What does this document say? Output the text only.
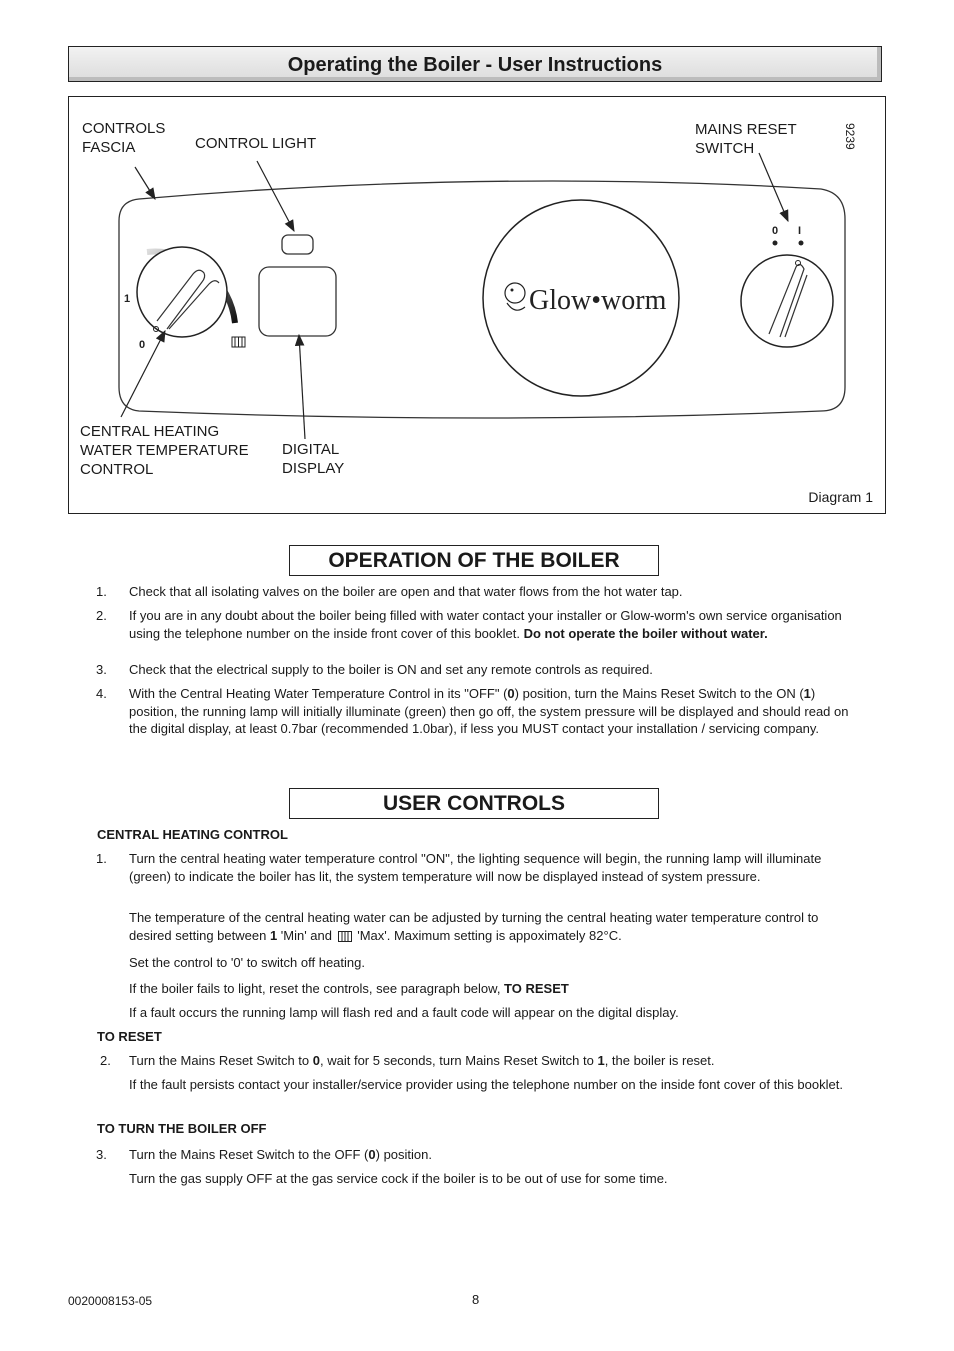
Operating the Boiler - User Instructions
1
0
Glow•worm
0 I
CONTROLS
FASCIA	CONTROL LIGHT
MAINS RESET
SWITCH
CENTRAL HEATING
WATER TEMPERATURE
CONTROL
DIGITAL
DISPLAY
9239
Diagram 1
OPERATION OF THE BOILER
1. Check that all isolating valves on the boiler are open and that water flows from the hot water tap.
2. If you are in any doubt about the boiler being filled with water contact your installer or Glow-worm's own service organisation using the telephone number on the inside front cover of this booklet. Do not operate the boiler without water.
3. Check that the electrical supply to the boiler is ON and set any remote controls as required.
4. With the Central Heating Water Temperature Control in its "OFF" (0) position, turn the Mains Reset Switch to the ON (1) position, the running lamp will initially illuminate (green) then go off, the system pressure will be displayed and should read on the digital display, at least 0.7bar (recommended 1.0bar), if less you MUST contact your installation / servicing company.
USER CONTROLS
CENTRAL HEATING CONTROL
1. Turn the central heating water temperature control "ON", the lighting sequence will begin, the running lamp will illuminate (green) to indicate the boiler has lit, the system temperature will now be displayed instead of system pressure.
The temperature of the central heating water can be adjusted by turning the central heating water temperature control to desired setting between 1 'Min' and  'Max'. Maximum setting is appoximately 82°C.
Set the control to '0' to switch off heating.
If the boiler fails to light, reset the controls, see paragraph below, TO RESET
If a fault occurs the running lamp will flash red and a fault code will appear on the digital display.
TO RESET
2. Turn the Mains Reset Switch to 0, wait for 5 seconds, turn Mains Reset Switch to 1, the boiler is reset.
If the fault persists contact your installer/service provider using the telephone number on the inside font cover of this booklet.
TO TURN THE BOILER OFF
3. Turn the Mains Reset Switch to the OFF (0) position.
Turn the gas supply OFF at the gas service cock if the boiler is to be out of use for some time.
0020008153-05	8
